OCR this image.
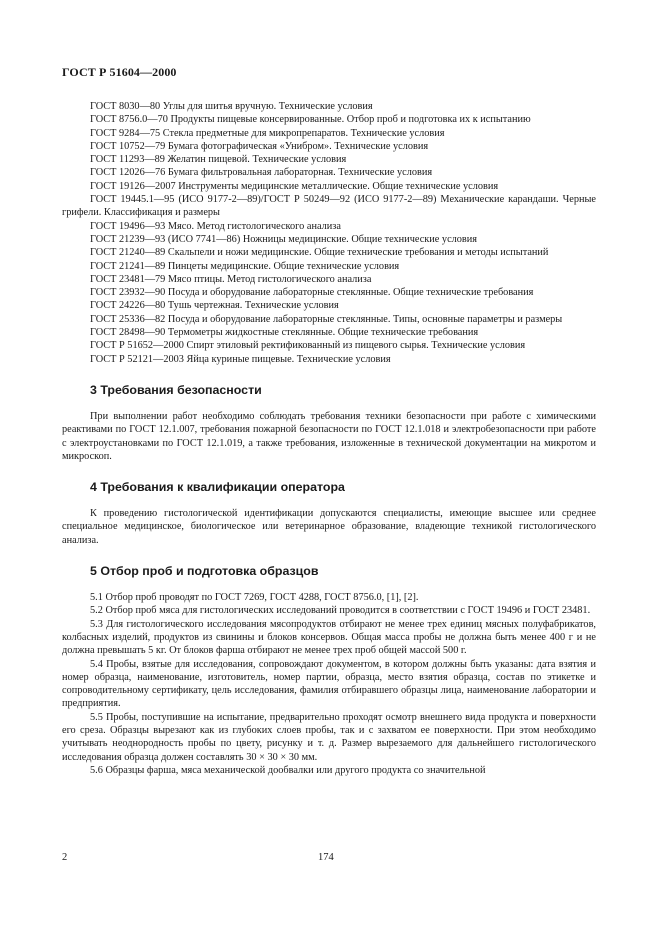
ГОСТ Р 51604—2000

ГОСТ 8030—80 Углы для шитья вручную. Технические условия

ГОСТ 8756.0—70 Продукты пищевые консервированные. Отбор проб и подготовка их к испытанию

ГОСТ 9284—75 Стекла предметные для микропрепаратов. Технические условия

ГОСТ 10752—79 Бумага фотографическая «Унибром». Технические условия

ГОСТ 11293—89 Желатин пищевой. Технические условия

ГОСТ 12026—76 Бумага фильтровальная лабораторная. Технические условия

ГОСТ 19126—2007 Инструменты медицинские металлические. Общие технические условия

ГОСТ 19445.1—95 (ИСО 9177-2—89)/ГОСТ Р 50249—92 (ИСО 9177-2—89) Механические карандаши. Черные грифели. Классификация и размеры

ГОСТ 19496—93 Мясо. Метод гистологического анализа

ГОСТ 21239—93 (ИСО 7741—86) Ножницы медицинские. Общие технические условия

ГОСТ 21240—89 Скальпели и ножи медицинские. Общие технические требования и методы испытаний

ГОСТ 21241—89 Пинцеты медицинские. Общие технические условия

ГОСТ 23481—79 Мясо птицы. Метод гистологического анализа

ГОСТ 23932—90 Посуда и оборудование лабораторные стеклянные. Общие технические требования

ГОСТ 24226—80 Тушь чертежная. Технические условия

ГОСТ 25336—82 Посуда и оборудование лабораторные стеклянные. Типы, основные параметры и размеры

ГОСТ 28498—90 Термометры жидкостные стеклянные. Общие технические требования

ГОСТ Р 51652—2000 Спирт этиловый ректификованный из пищевого сырья. Технические условия

ГОСТ Р 52121—2003 Яйца куриные пищевые. Технические условия

3 Требования безопасности

При выполнении работ необходимо соблюдать требования техники безопасности при работе с химическими реактивами по ГОСТ 12.1.007, требования пожарной безопасности по ГОСТ 12.1.018 и электробезопасности при работе с электроустановками по ГОСТ 12.1.019, а также требования, изложенные в технической документации на микротом и микроскоп.

4 Требования к квалификации оператора

К проведению гистологической идентификации допускаются специалисты, имеющие высшее или среднее специальное медицинское, биологическое или ветеринарное образование, владеющие техникой гистологического анализа.

5 Отбор проб и подготовка образцов

5.1 Отбор проб проводят по ГОСТ 7269, ГОСТ 4288, ГОСТ 8756.0, [1], [2].

5.2 Отбор проб мяса для гистологических исследований проводится в соответствии с ГОСТ 19496 и ГОСТ 23481.

5.3 Для гистологического исследования мясопродуктов отбирают не менее трех единиц мясных полуфабрикатов, колбасных изделий, продуктов из свинины и блоков консервов. Общая масса пробы не должна быть менее 400 г и не должна превышать 5 кг. От блоков фарша отбирают не менее трех проб общей массой 500 г.

5.4 Пробы, взятые для исследования, сопровождают документом, в котором должны быть указаны: дата взятия и номер образца, наименование, изготовитель, номер партии, образца, место взятия образца, состав по этикетке и сопроводительному сертификату, цель исследования, фамилия отбиравшего образцы лица, наименование лаборатории и предприятия.

5.5 Пробы, поступившие на испытание, предварительно проходят осмотр внешнего вида продукта и поверхности его среза. Образцы вырезают как из глубоких слоев пробы, так и с захватом ее поверхности. При этом необходимо учитывать неоднородность пробы по цвету, рисунку и т. д. Размер вырезаемого для дальнейшего гистологического исследования образца должен составлять 30 × 30 × 30 мм.

5.6 Образцы фарша, мяса механической дообвалки или другого продукта со значительной

2	174
